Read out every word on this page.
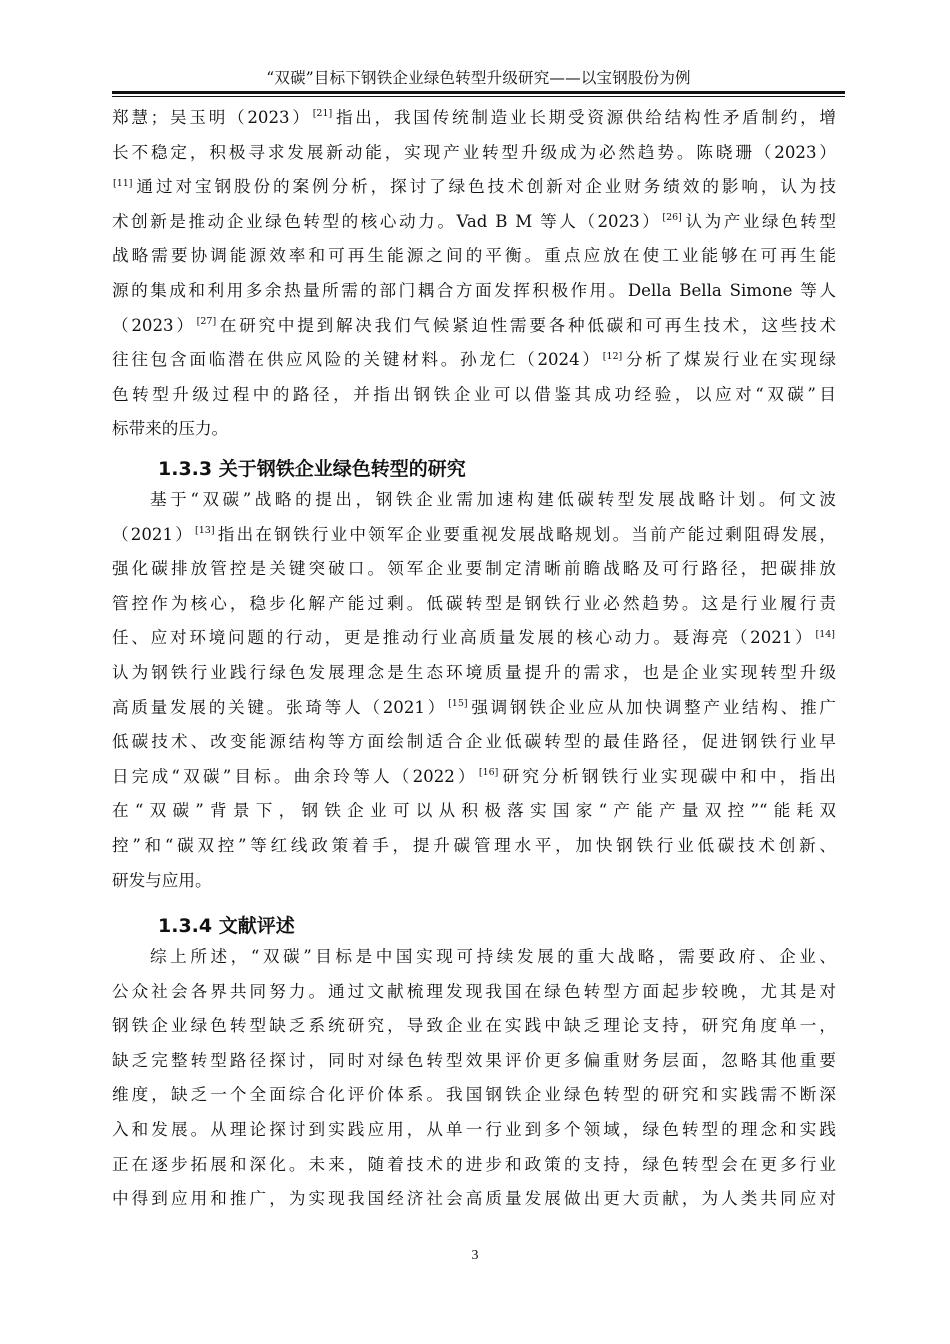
“双碳”目标下钢铁企业绿色转型升级研究——以宝钢股份为例
郑慧；吴玉明（2023）[21]指出，我国传统制造业长期受资源供给结构性矛盾制约，增
长不稳定，积极寻求发展新动能，实现产业转型升级成为必然趋势。陈晓珊（2023）
[11]通过对宝钢股份的案例分析，探讨了绿色技术创新对企业财务绩效的影响，认为技
术创新是推动企业绿色转型的核心动力。Vad B M 等人（2023）[26]认为产业绿色转型
战略需要协调能源效率和可再生能源之间的平衡。重点应放在使工业能够在可再生能
源的集成和利用多余热量所需的部门耦合方面发挥积极作用。Della Bella Simone 等人
（2023）[27]在研究中提到解决我们气候紧迫性需要各种低碳和可再生技术，这些技术
往往包含面临潜在供应风险的关键材料。孙龙仁（2024）[12]分析了煤炭行业在实现绿
色转型升级过程中的路径，并指出钢铁企业可以借鉴其成功经验，以应对“双碳”目
标带来的压力。
1.3.3 关于钢铁企业绿色转型的研究
基于“双碳”战略的提出，钢铁企业需加速构建低碳转型发展战略计划。何文波
（2021）[13]指出在钢铁行业中领军企业要重视发展战略规划。当前产能过剩阻碍发展，
强化碳排放管控是关键突破口。领军企业要制定清晰前瞻战略及可行路径，把碳排放
管控作为核心，稳步化解产能过剩。低碳转型是钢铁行业必然趋势。这是行业履行责
任、应对环境问题的行动，更是推动行业高质量发展的核心动力。聂海亮（2021）[14]
认为钢铁行业践行绿色发展理念是生态环境质量提升的需求，也是企业实现转型升级
高质量发展的关键。张琦等人（2021）[15]强调钢铁企业应从加快调整产业结构、推广
低碳技术、改变能源结构等方面绘制适合企业低碳转型的最佳路径，促进钢铁行业早
日完成“双碳”目标。曲余玲等人（2022）[16]研究分析钢铁行业实现碳中和中，指出
在“双碳”背景下，钢铁企业可以从积极落实国家“产能产量双控”“能耗双
控”和“碳双控”等红线政策着手，提升碳管理水平，加快钢铁行业低碳技术创新、
研发与应用。
1.3.4 文献评述
综上所述，“双碳”目标是中国实现可持续发展的重大战略，需要政府、企业、
公众社会各界共同努力。通过文献梳理发现我国在绿色转型方面起步较晚，尤其是对
钢铁企业绿色转型缺乏系统研究，导致企业在实践中缺乏理论支持，研究角度单一，
缺乏完整转型路径探讨，同时对绿色转型效果评价更多偏重财务层面，忽略其他重要
维度，缺乏一个全面综合化评价体系。我国钢铁企业绿色转型的研究和实践需不断深
入和发展。从理论探讨到实践应用，从单一行业到多个领域，绿色转型的理念和实践
正在逐步拓展和深化。未来，随着技术的进步和政策的支持，绿色转型会在更多行业
中得到应用和推广，为实现我国经济社会高质量发展做出更大贡献，为人类共同应对
3
